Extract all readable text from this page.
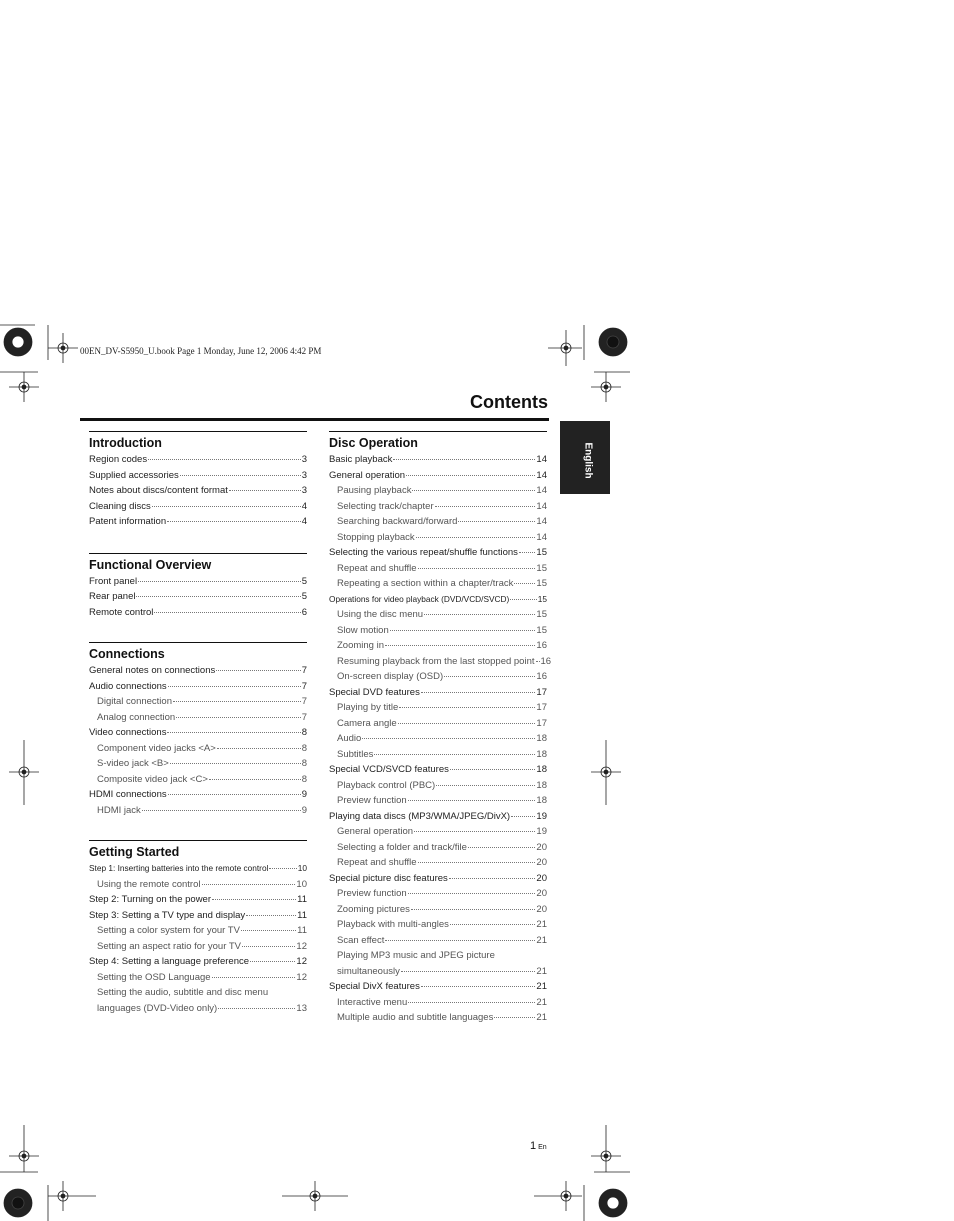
00EN_DV-S5950_U.book Page 1 Monday, June 12, 2006 4:42 PM
Contents
English
Introduction
Region codes	3
Supplied accessories	3
Notes about discs/content format	3
Cleaning discs	4
Patent information	4
Functional Overview
Front panel	5
Rear panel	5
Remote control	6
Connections
General notes on connections	7
Audio connections	7
Digital connection	7
Analog connection	7
Video connections	8
Component video jacks <A>	8
S-video jack <B>	8
Composite video jack <C>	8
HDMI connections	9
HDMI jack	9
Getting Started
Step 1: Inserting batteries into the remote control	10
Using the remote control	10
Step 2: Turning on the power	11
Step 3: Setting a TV type and display	11
Setting a color system for your TV	11
Setting an aspect ratio for your TV	12
Step 4: Setting a language preference	12
Setting the OSD Language	12
Setting the audio, subtitle and disc menu
languages (DVD-Video only)	13
Disc Operation
Basic playback	14
General operation	14
Pausing playback	14
Selecting track/chapter	14
Searching backward/forward	14
Stopping playback	14
Selecting the various repeat/shuffle functions 15
Repeat and shuffle	15
Repeating a section within a chapter/track 15
Operations for video playback (DVD/VCD/SVCD)	15
Using the disc menu	15
Slow motion	15
Zooming in	16
Resuming playback from the last stopped point 16
On-screen display (OSD)	16
Special DVD features	17
Playing by title	17
Camera angle	17
Audio	18
Subtitles	18
Special VCD/SVCD features	18
Playback control (PBC)	18
Preview function	18
Playing data discs (MP3/WMA/JPEG/DivX)	19
General operation	19
Selecting a folder and track/file	20
Repeat and shuffle	20
Special picture disc features	20
Preview function	20
Zooming pictures	20
Playback with multi-angles	21
Scan effect	21
Playing MP3 music and JPEG picture
simultaneously	21
Special DivX features	21
Interactive menu	21
Multiple audio and subtitle languages	21
1 En
